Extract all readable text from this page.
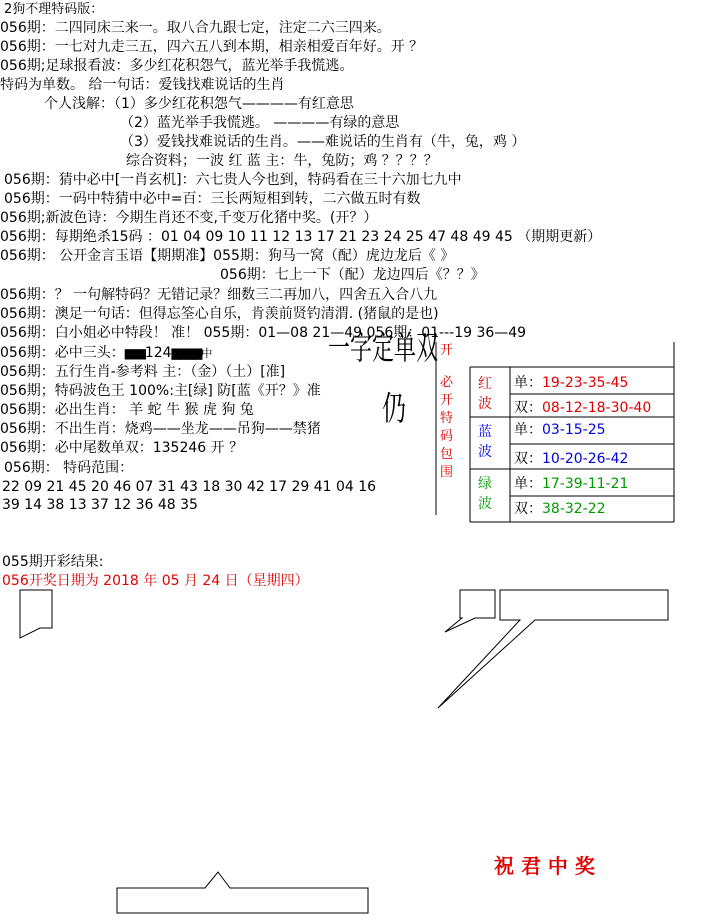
2狗不理特码版：
056期：二四同床三来一。取八合九跟七定，注定二六三四来。
056期：一七对九走三五，四六五八到本期，相亲相爱百年好。开 ？
056期;足球报看波：多少红花积怨气，蓝光举手我慌逃。
特码为单数。 给一句话：爱钱找难说话的生肖
个人浅解：（1）多少红花积怨气————有红意思
（2）蓝光举手我慌逃。 ————有绿的意思
（3）爱钱找难说话的生肖。——难说话的生肖有（牛，兔，鸡 ）
综合资料；一波 红 蓝 主：牛，兔防；鸡 ？？？？
056期：猜中必中[一肖玄机]：六七贵人今也到，特码看在三十六加七九中
056期：一码中特猜中必中=百：三长两短相到转，二六做五时有数
056期;新波色诗：今期生肖还不变,千变万化猪中奖。(开？）
056期：每期绝杀15码 ：01 04 09 10 11 12 13 17 21 23 24 25 47 48 49 45 （期期更新）
056期： 公开金言玉语【期期准】055期：狗马一窝（配）虎边龙后《 》
056期：七上一下（配）龙边四后《？？》
056期：？ 一句解特码？无错记录？细数三二再加八，四舍五入合八九
056期：澳足一句话：但得忘筌心自乐，肯羡前贤钓清渭. (猪鼠的是也)
056期：白小姐必中特段！ 准！ 055期：01—08 21—49 056期：01---19 36—49
056期：必中三头：▇▇▇124▇▇▇▇中
056期：五行生肖-参考料 主：（金）（土）[准]
056期；特码波色王 100%:主[绿] 防[蓝《开？》准
056期：必出生肖： 羊 蛇 牛 猴 虎 狗 兔
056期：不出生肖：烧鸡——坐龙——吊狗——禁猪
056期：必中尾数单双：135246 开 ？
056期： 特码范围：
22 09 21 45 20 46 07 31 43 18 30 42 17 29 41 04 16
39 14 38 13 37 12 36 48 35
一 字 定 单 双
仍
开
必
开
特
码
包
围
红波
单：19-23-35-45
双：08-12-18-30-40
蓝波
单：03-15-25
双：10-20-26-42
绿波
单：17-39-11-21
双：38-32-22
055期开彩结果:
056开奖日期为 2018 年 05 月 24 日（星期四）
祝 君 中 奖
